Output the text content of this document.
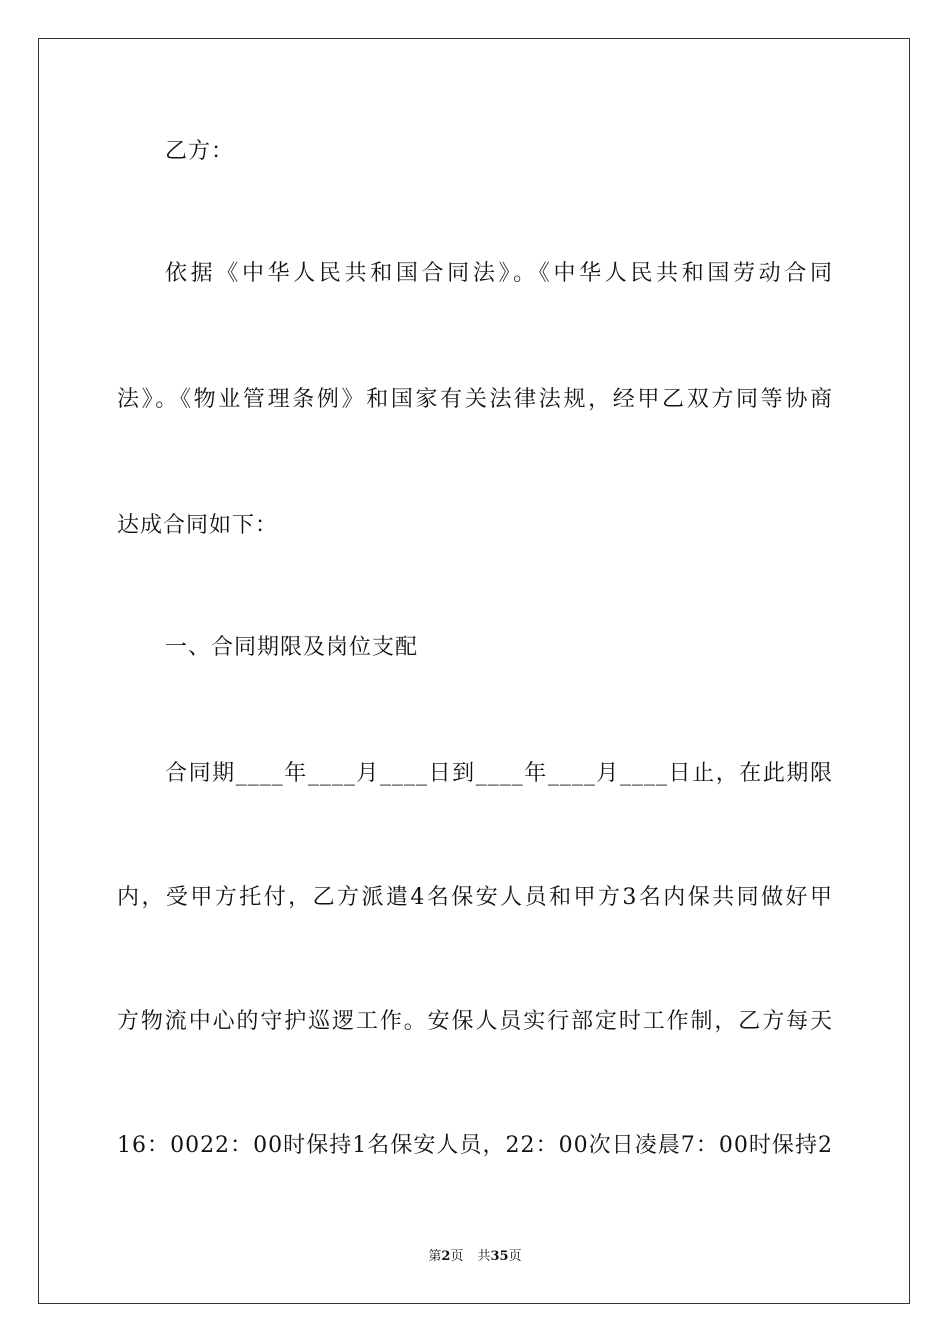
乙方：
依据《中华人民共和国合同法》。《中华人民共和国劳动合同
法》。《物业管理条例》和国家有关法律法规，经甲乙双方同等协商
达成合同如下：
一、合同期限及岗位支配
合同期____年____月____日到____年____月____日止，在此期限
内，受甲方托付，乙方派遣4名保安人员和甲方3名内保共同做好甲
方物流中心的守护巡逻工作。安保人员实行部定时工作制，乙方每天
16：0022：00时保持1名保安人员，22：00次日凌晨7：00时保持2
第2页 共35页
